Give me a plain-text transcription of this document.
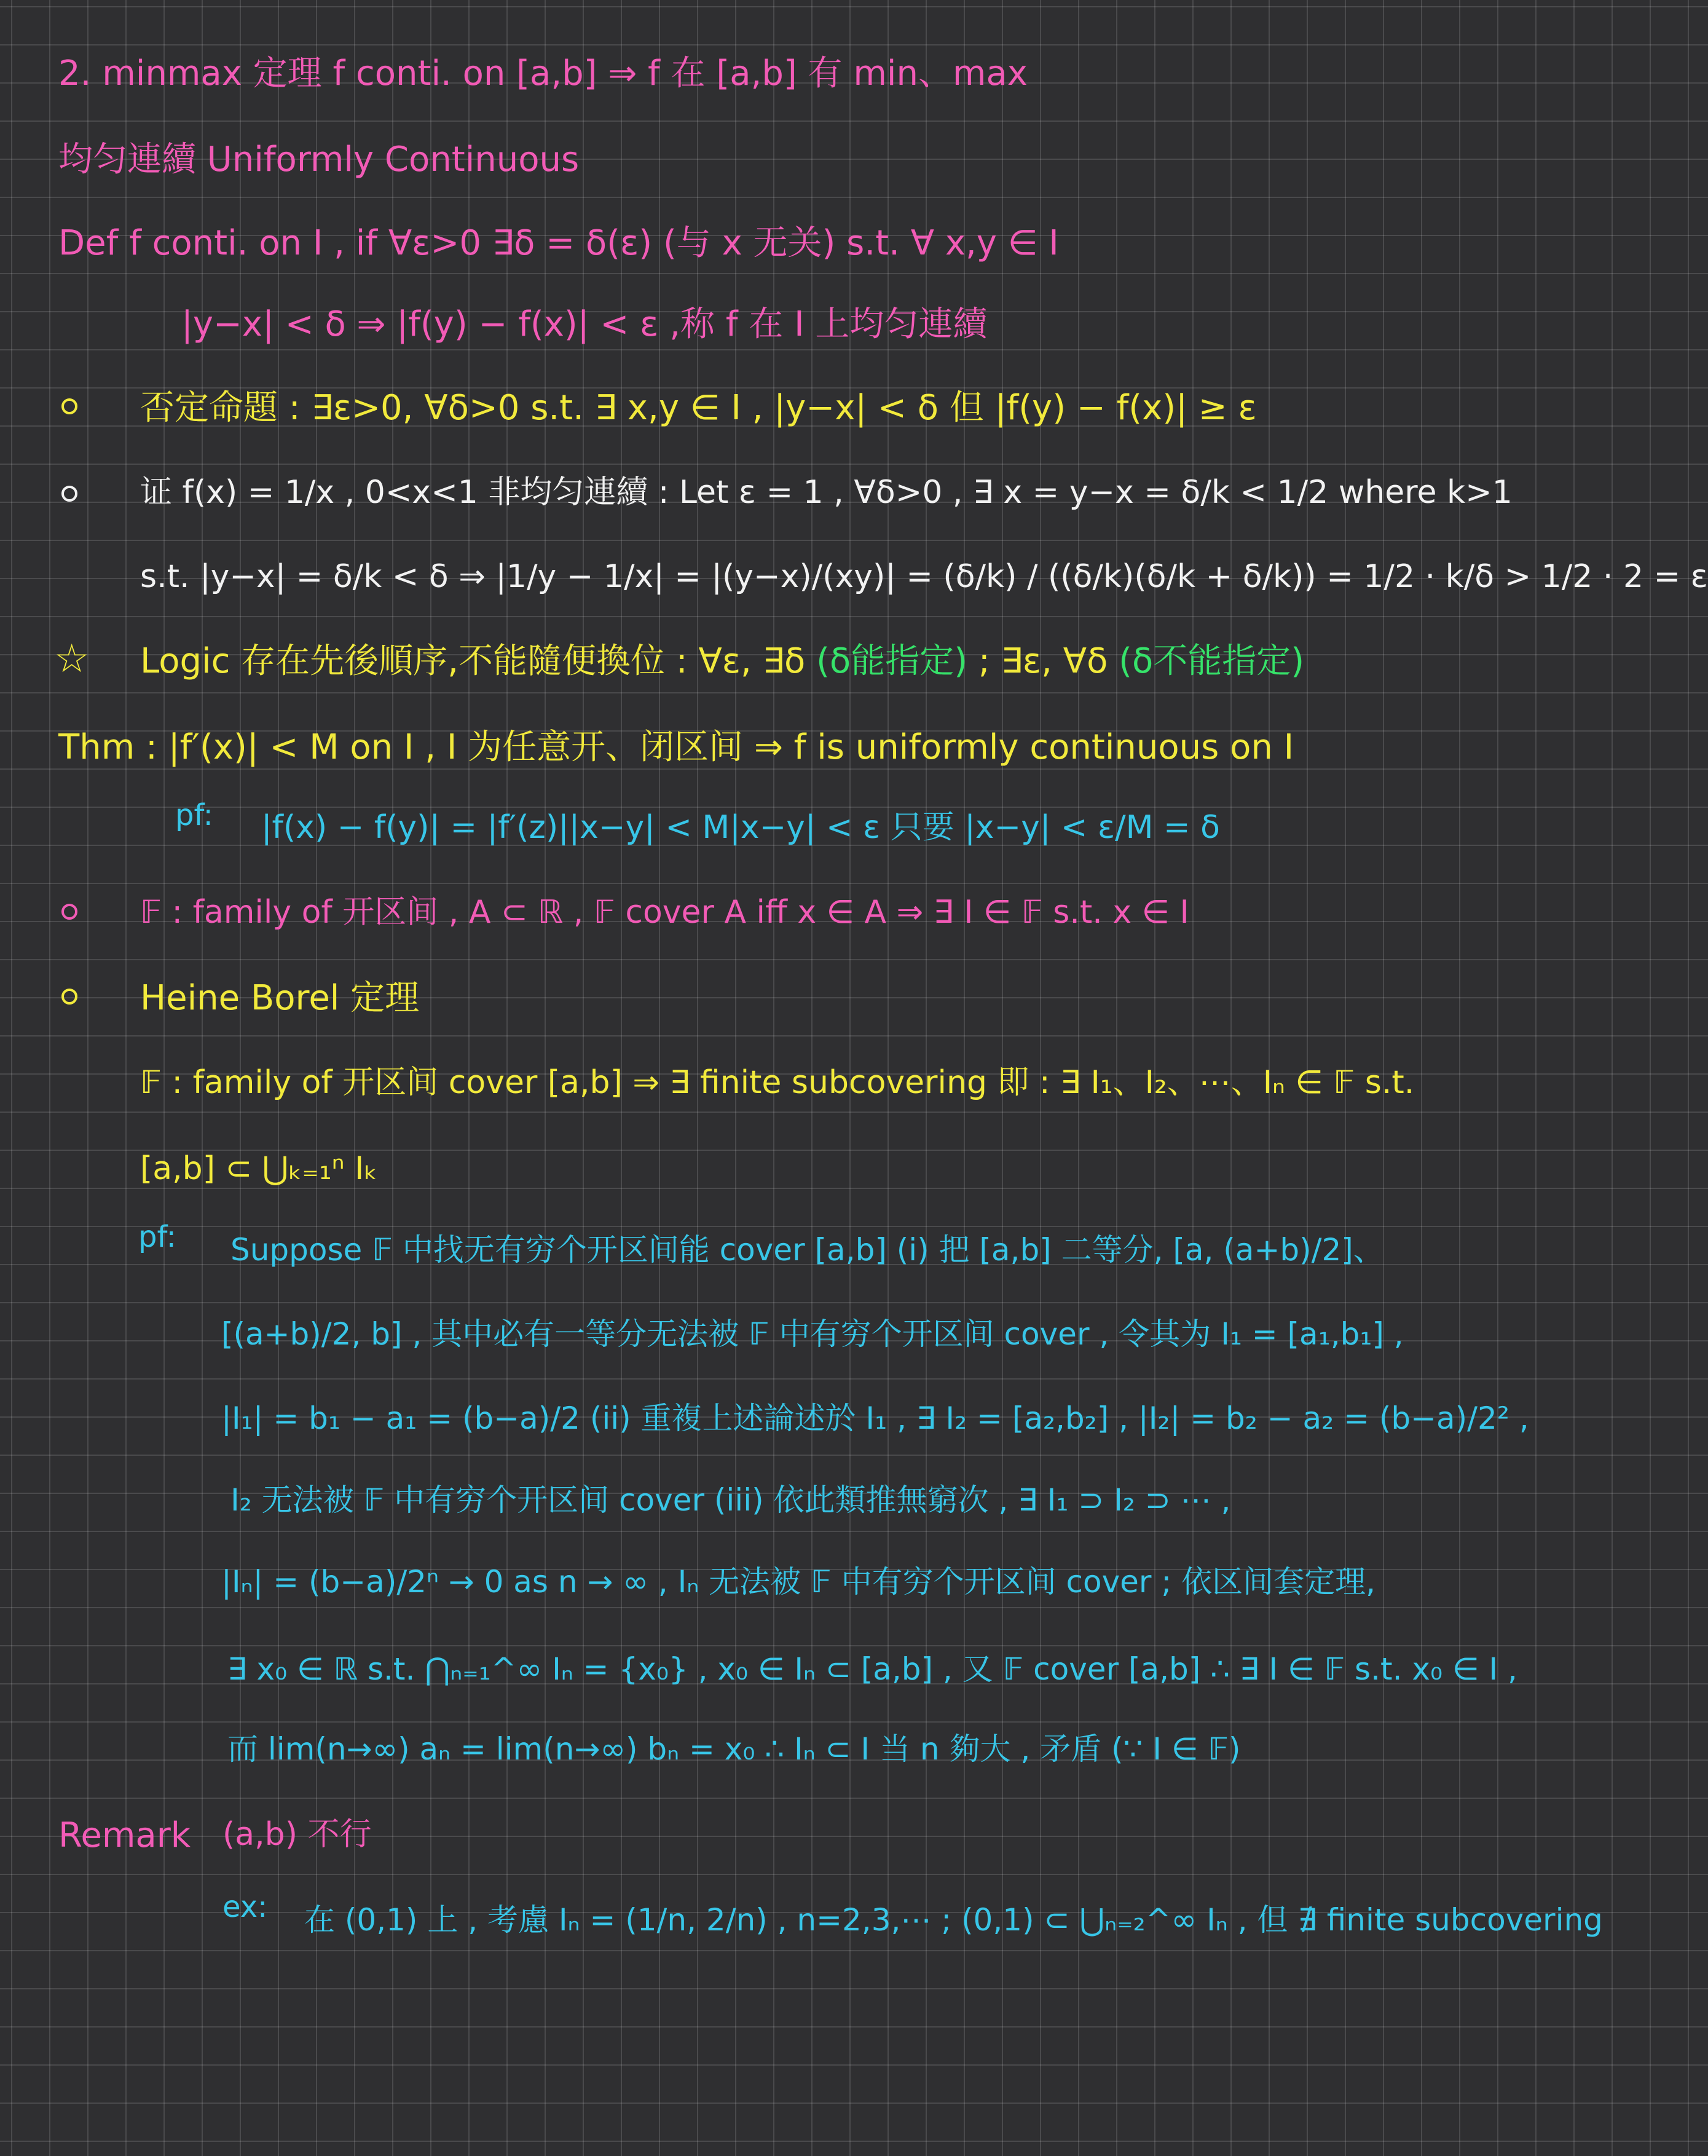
2. minmax 定理 f conti. on [a,b] ⇒ f 在 [a,b] 有 min、max
均匀連續 Uniformly Continuous
Def f conti. on I , if ∀ε>0 ∃δ = δ(ε) (与 x 无关) s.t. ∀ x,y ∈ I
|y−x| < δ ⇒ |f(y) − f(x)| < ε ,称 f 在 I 上均匀連續
否定命題 : ∃ε>0, ∀δ>0 s.t. ∃ x,y ∈ I , |y−x| < δ 但 |f(y) − f(x)| ≥ ε
证 f(x) = 1/x , 0<x<1 非均匀連續 : Let ε = 1 , ∀δ>0 , ∃ x = y−x = δ/k < 1/2 where k>1
s.t. |y−x| = δ/k < δ ⇒ |1/y − 1/x| = |(y−x)/(xy)| = (δ/k) / ((δ/k)(δ/k + δ/k)) = 1/2 · k/δ > 1/2 · 2 = ε
☆ Logic 存在先後順序,不能隨便換位 : ∀ε, ∃δ (δ能指定) ; ∃ε, ∀δ (δ不能指定)
Thm : |f′(x)| < M on I , I 为任意开、闭区间 ⇒ f is uniformly continuous on I
pf: |f(x) − f(y)| = |f′(z)||x−y| < M|x−y| < ε 只要 |x−y| < ε/M = δ
𝔽 : family of 开区间 , A ⊂ ℝ , 𝔽 cover A iff x ∈ A ⇒ ∃ I ∈ 𝔽 s.t. x ∈ I
Heine Borel 定理
𝔽 : family of 开区间 cover [a,b] ⇒ ∃ finite subcovering 即 : ∃ I₁、I₂、⋯、Iₙ ∈ 𝔽 s.t.
[a,b] ⊂ ⋃ₖ₌₁ⁿ Iₖ
pf: Suppose 𝔽 中找无有穷个开区间能 cover [a,b] (i) 把 [a,b] 二等分, [a, (a+b)/2]、
[(a+b)/2, b] , 其中必有一等分无法被 𝔽 中有穷个开区间 cover , 令其为 I₁ = [a₁,b₁] ,
|I₁| = b₁ − a₁ = (b−a)/2 (ii) 重複上述論述於 I₁ , ∃ I₂ = [a₂,b₂] , |I₂| = b₂ − a₂ = (b−a)/2² ,
I₂ 无法被 𝔽 中有穷个开区间 cover (iii) 依此類推無窮次 , ∃ I₁ ⊃ I₂ ⊃ ⋯ ,
|Iₙ| = (b−a)/2ⁿ → 0 as n → ∞ , Iₙ 无法被 𝔽 中有穷个开区间 cover ; 依区间套定理,
∃ x₀ ∈ ℝ s.t. ⋂ₙ₌₁^∞ Iₙ = {x₀} , x₀ ∈ Iₙ ⊂ [a,b] , 又 𝔽 cover [a,b] ∴ ∃ I ∈ 𝔽 s.t. x₀ ∈ I ,
而 lim(n→∞) aₙ = lim(n→∞) bₙ = x₀ ∴ Iₙ ⊂ I 当 n 夠大 , 矛盾 (∵ I ∈ 𝔽)
Remark (a,b) 不行
ex: 在 (0,1) 上 , 考慮 Iₙ = (1/n, 2/n) , n=2,3,⋯ ; (0,1) ⊂ ⋃ₙ₌₂^∞ Iₙ , 但 ∄ finite subcovering
